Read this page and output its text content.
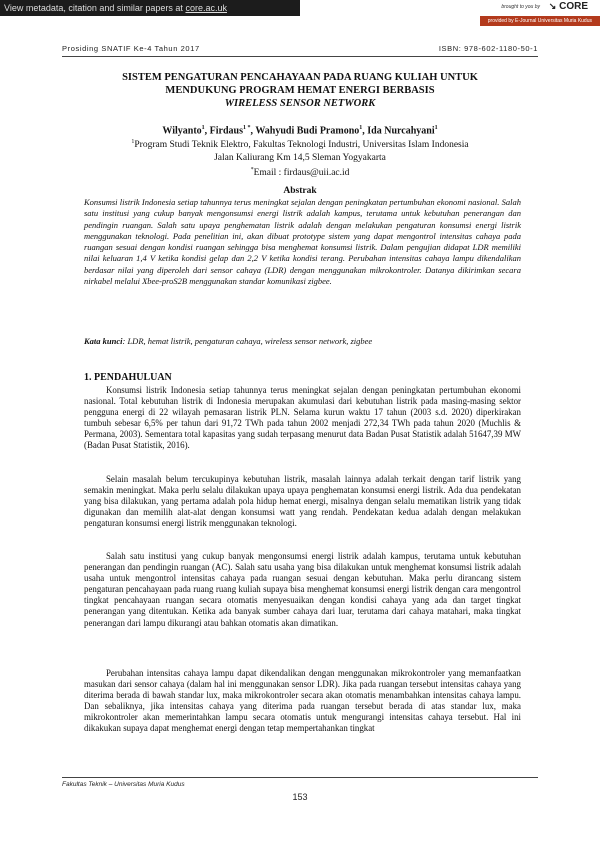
View metadata, citation and similar papers at core.ac.uk	brought to you by ↘ CORE
provided by E-Journal Universitas Muria Kudus
Prosiding SNATIF Ke-4 Tahun 2017	ISBN: 978-602-1180-50-1
SISTEM PENGATURAN PENCAHAYAAN PADA RUANG KULIAH UNTUK
MENDUKUNG PROGRAM HEMAT ENERGI BERBASIS
WIRELESS SENSOR NETWORK
Wilyanto$^1$, Firdaus$^{1 *}$, Wahyudi Budi Pramono$^1$, Ida Nurcahyani$^1$
$^1$Program Studi Teknik Elektro, Fakultas Teknologi Industri, Universitas Islam Indonesia
Jalan Kaliurang Km 14,5 Sleman Yogyakarta
*Email : firdaus@uii.ac.id
Abstrak
Konsumsi listrik Indonesia setiap tahunnya terus meningkat sejalan dengan peningkatan pertumbuhan ekonomi nasional. Salah satu institusi yang cukup banyak mengonsumsi energi listrik adalah kampus, terutama untuk kebutuhan penerangan dan pendingin ruangan. Salah satu upaya penghematan listrik adalah dengan melakukan pengaturan konsumsi energi listrik menggunakan teknologi. Pada penelitian ini, akan dibuat prototype sistem yang dapat mengontrol intensitas cahaya pada ruangan sesuai dengan kondisi ruangan sehingga bisa menghemat konsumsi listrik. Dalam pengujian didapat LDR memiliki nilai keluaran 1,4 V ketika kondisi gelap dan 2,2 V ketika kondisi terang. Perubahan intensitas cahaya lampu dikendalikan berdasar nilai yang diperoleh dari sensor cahaya (LDR) dengan menggunakan mikrokontroler. Datanya dikirimkan secara nirkabel melalui Xbee-proS2B menggunakan standar komunikasi zigbee.
Kata kunci: LDR, hemat listrik, pengaturan cahaya, wireless sensor network, zigbee
1. PENDAHULUAN
Konsumsi listrik Indonesia setiap tahunnya terus meningkat sejalan dengan peningkatan pertumbuhan ekonomi nasional. Total kebutuhan listrik di Indonesia merupakan akumulasi dari kebutuhan listrik pada masing-masing sektor pengguna energi di 22 wilayah pemasaran listrik PLN. Selama kurun waktu 17 tahun (2003 s.d. 2020) diperkirakan tumbuh sebesar 6,5% per tahun dari 91,72 TWh pada tahun 2002 menjadi 272,34 TWh pada tahun 2020 (Muchlis & Permana, 2003). Sementara total kapasitas yang sudah terpasang menurut data Badan Pusat Statistik adalah 51647,39 MW (Badan Pusat Statistik, 2016).
Selain masalah belum tercukupinya kebutuhan listrik, masalah lainnya adalah terkait dengan tarif listrik yang semakin meningkat. Maka perlu selalu dilakukan upaya upaya penghematan konsumsi energi listrik. Ada dua pendekatan yang bisa dilakukan, yang pertama adalah pola hidup hemat energi, misalnya dengan selalu mematikan listrik yang tidak digunakan dan memilih alat-alat dengan konsumsi watt yang rendah. Pendekatan kedua adalah dengan melakukan pengaturan konsumsi energi listrik menggunakan teknologi.
Salah satu institusi yang cukup banyak mengonsumsi energi listrik adalah kampus, terutama untuk kebutuhan penerangan dan pendingin ruangan (AC). Salah satu usaha yang bisa dilakukan untuk menghemat konsumsi listrik adalah usaha untuk mengontrol intensitas cahaya pada ruangan sesuai dengan kebutuhan. Maka perlu dirancang sistem pengaturan pencahayaan pada ruang ruang kuliah supaya bisa menghemat konsumsi energi listrik dengan cara mengontrol tingkat pencahayaan ruangan secara otomatis menyesuaikan dengan kondisi cahaya yang ada dan target tingkat penerangan yang ditentukan. Ketika ada banyak sumber cahaya dari luar, terutama dari cahaya matahari, maka tingkat penerangan dari lampu dikurangi atau bahkan otomatis akan dimatikan.
Perubahan intensitas cahaya lampu dapat dikendalikan dengan menggunakan mikrokontroler yang memanfaatkan masukan dari sensor cahaya (dalam hal ini menggunakan sensor LDR). Jika pada ruangan tersebut intensitas cahaya yang diterima berada di bawah standar lux, maka mikrokontroler secara akan otomatis menambahkan intensitas cahaya lampu. Dan sebaliknya, jika intensitas cahaya yang diterima pada ruangan tersebut berada di atas standar lux, maka mikrokontroler akan memerintahkan lampu secara otomatis untuk mengurangi intensitas cahaya tersebut. Hal ini dikakukan supaya dapat menghemat energi dengan tetap mempertahankan tingkat
Fakultas Teknik – Universitas Muria Kudus
153
